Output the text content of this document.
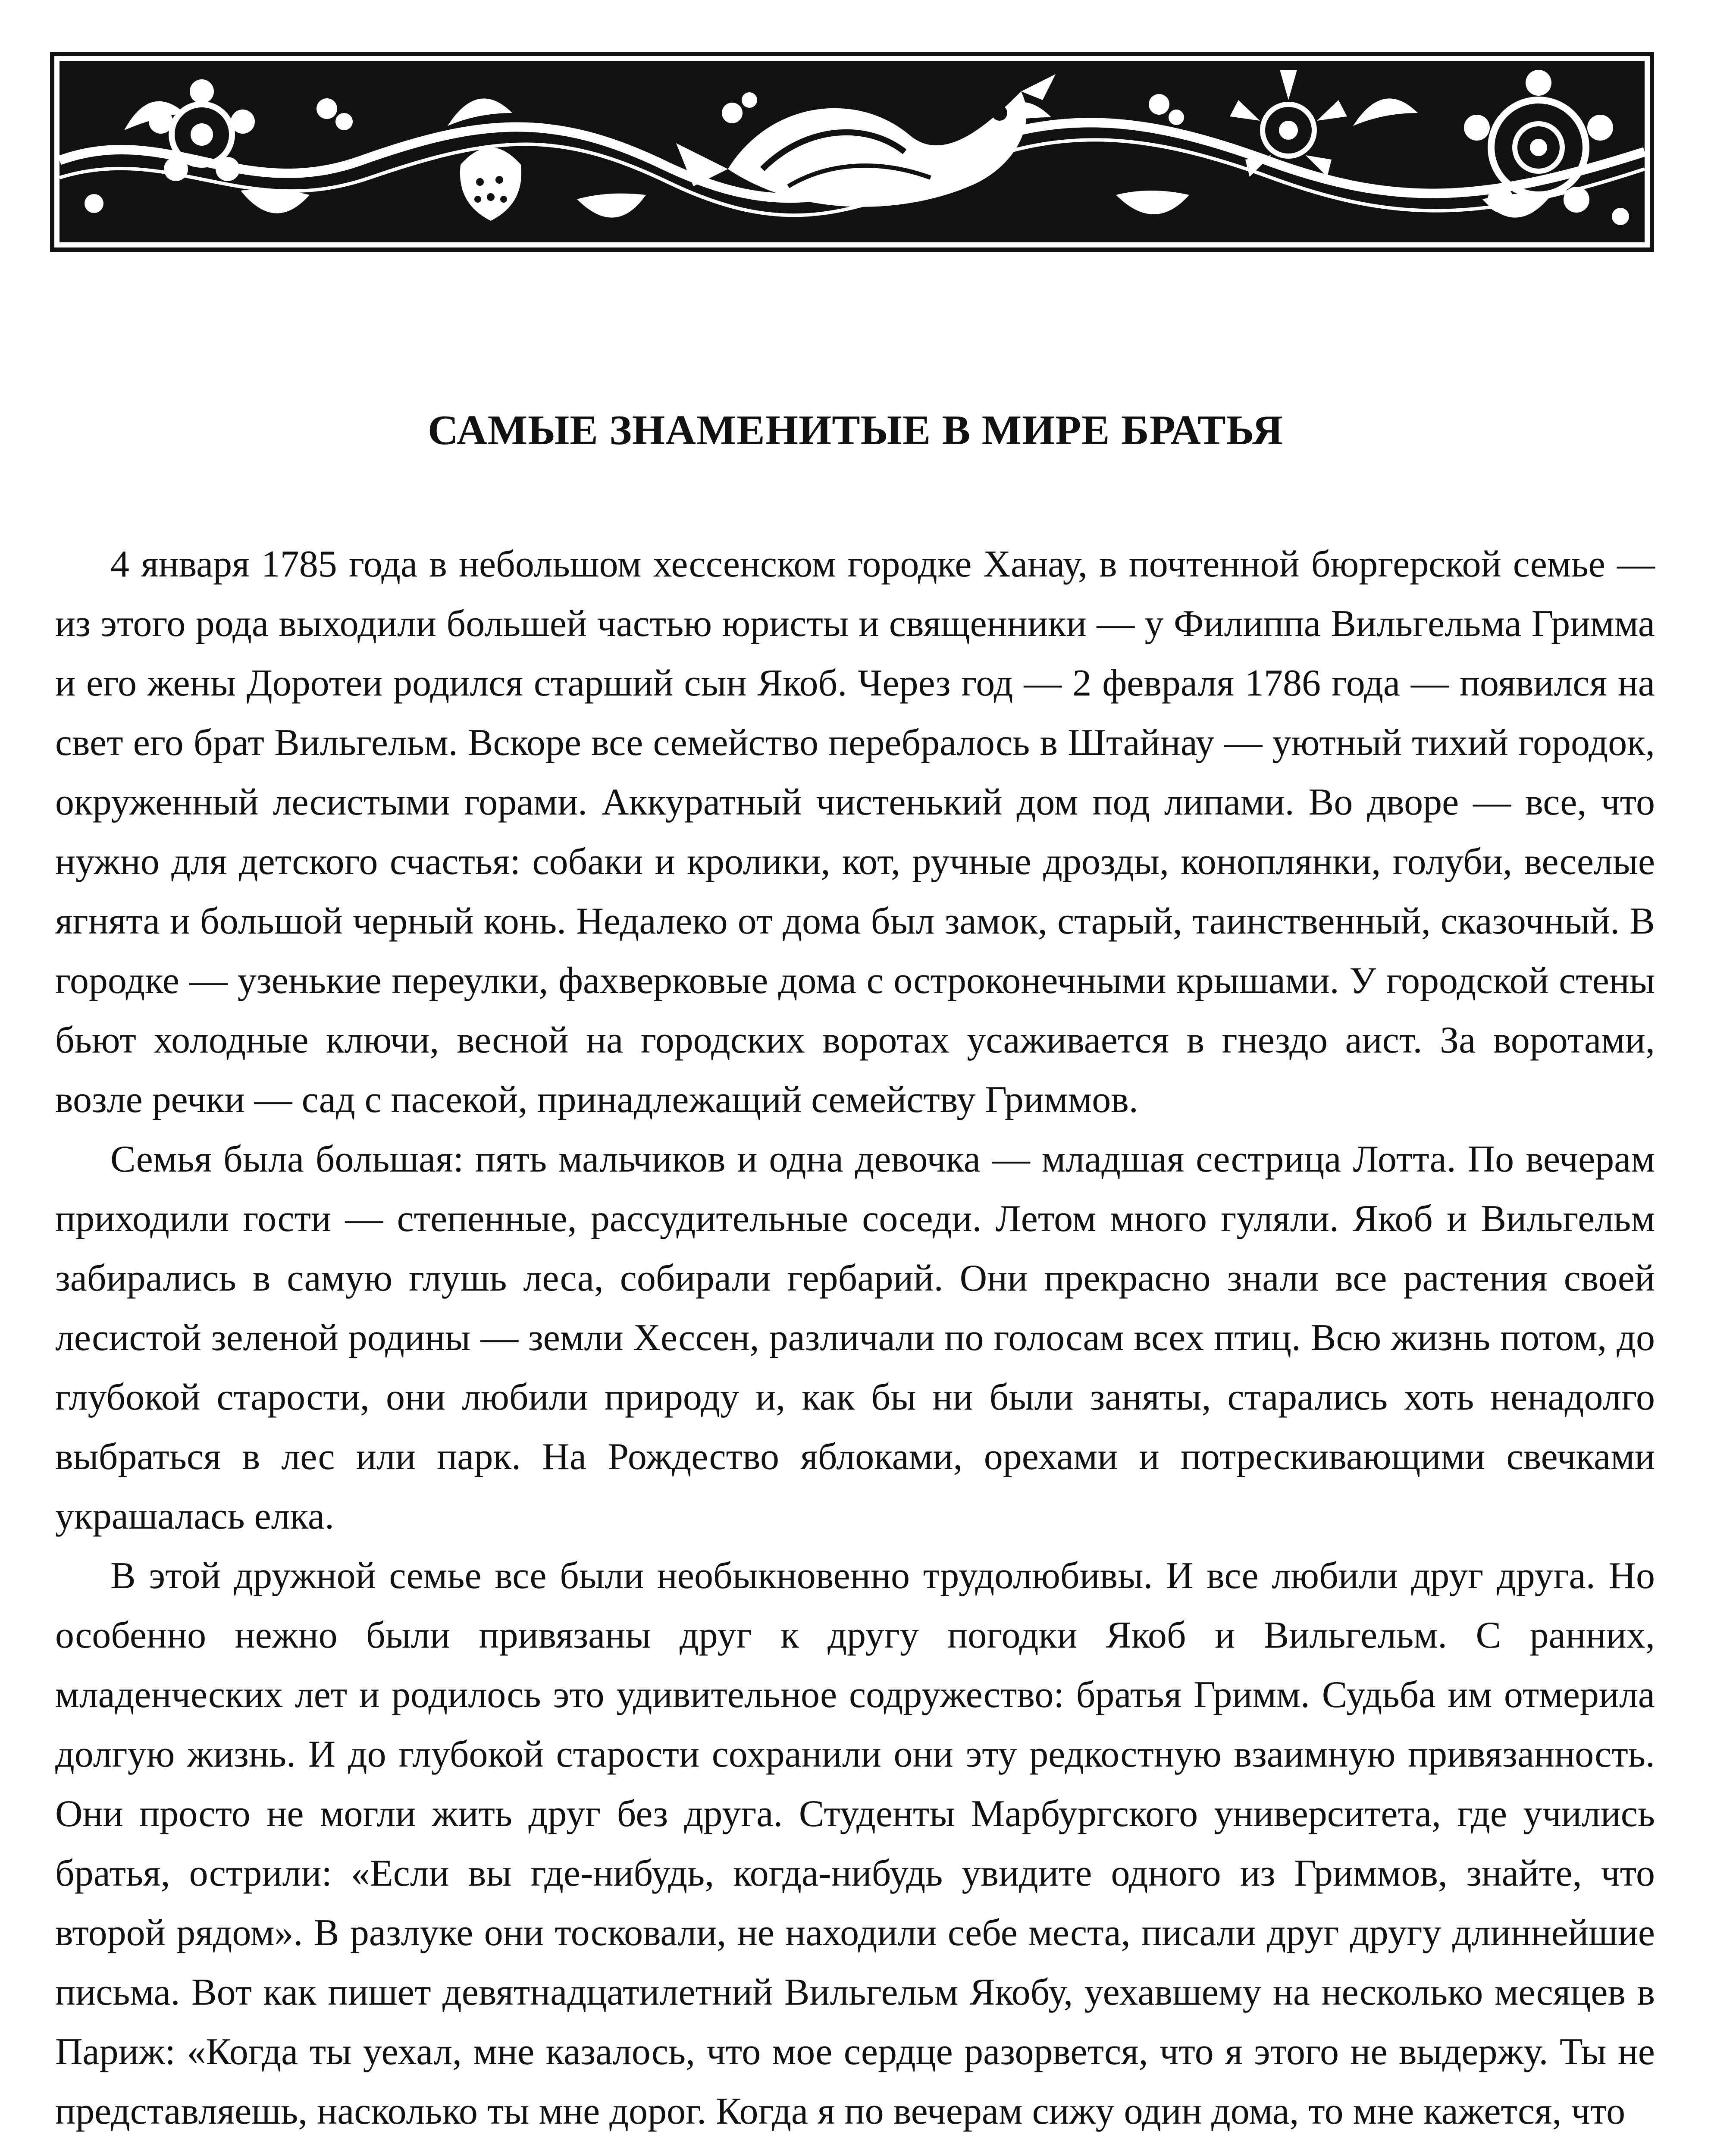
САМЫЕ ЗНАМЕНИТЫЕ В МИРЕ БРАТЬЯ

4 января 1785 года в небольшом хессенском городке Ханау, в почтенной бюргерской семье — из этого рода выходили большей частью юристы и священники — у Филиппа Вильгельма Гримма и его жены Доротеи родился старший сын Якоб. Через год — 2 февраля 1786 года — появился на свет его брат Вильгельм. Вскоре все семейство перебралось в Штайнау — уютный тихий городок, окруженный лесистыми горами. Аккуратный чистенький дом под липами. Во дворе — все, что нужно для детского счастья: собаки и кролики, кот, ручные дрозды, коноплянки, голуби, веселые ягнята и большой черный конь. Недалеко от дома был замок, старый, таинственный, сказочный. В городке — узенькие переулки, фахверковые дома с остроконечными крышами. У городской стены бьют холодные ключи, весной на городских воротах усаживается в гнездо аист. За воротами, возле речки — сад с пасекой, принадлежащий семейству Гриммов.

Семья была большая: пять мальчиков и одна девочка — младшая сестрица Лотта. По вечерам приходили гости — степенные, рассудительные соседи. Летом много гуляли. Якоб и Вильгельм забирались в самую глушь леса, собирали гербарий. Они прекрасно знали все растения своей лесистой зеленой родины — земли Хессен, различали по голосам всех птиц. Всю жизнь потом, до глубокой старости, они любили природу и, как бы ни были заняты, старались хоть ненадолго выбраться в лес или парк. На Рождество яблоками, орехами и потрескивающими свечками украшалась елка.

В этой дружной семье все были необыкновенно трудолюбивы. И все любили друг друга. Но особенно нежно были привязаны друг к другу погодки Якоб и Вильгельм. С ранних, младенческих лет и родилось это удивительное содружество: братья Гримм. Судьба им отмерила долгую жизнь. И до глубокой старости сохранили они эту редкостную взаимную привязанность. Они просто не могли жить друг без друга. Студенты Марбургского университета, где учились братья, острили: «Если вы где-нибудь, когда-нибудь увидите одного из Гриммов, знайте, что второй рядом». В разлуке они тосковали, не находили себе места, писали друг другу длиннейшие письма. Вот как пишет девятнадцатилетний Вильгельм Якобу, уехавшему на несколько месяцев в Париж: «Когда ты уехал, мне казалось, что мое сердце разорвется, что я этого не выдержу. Ты не представляешь, насколько ты мне дорог. Когда я по вечерам сижу один дома, то мне кажется, что
